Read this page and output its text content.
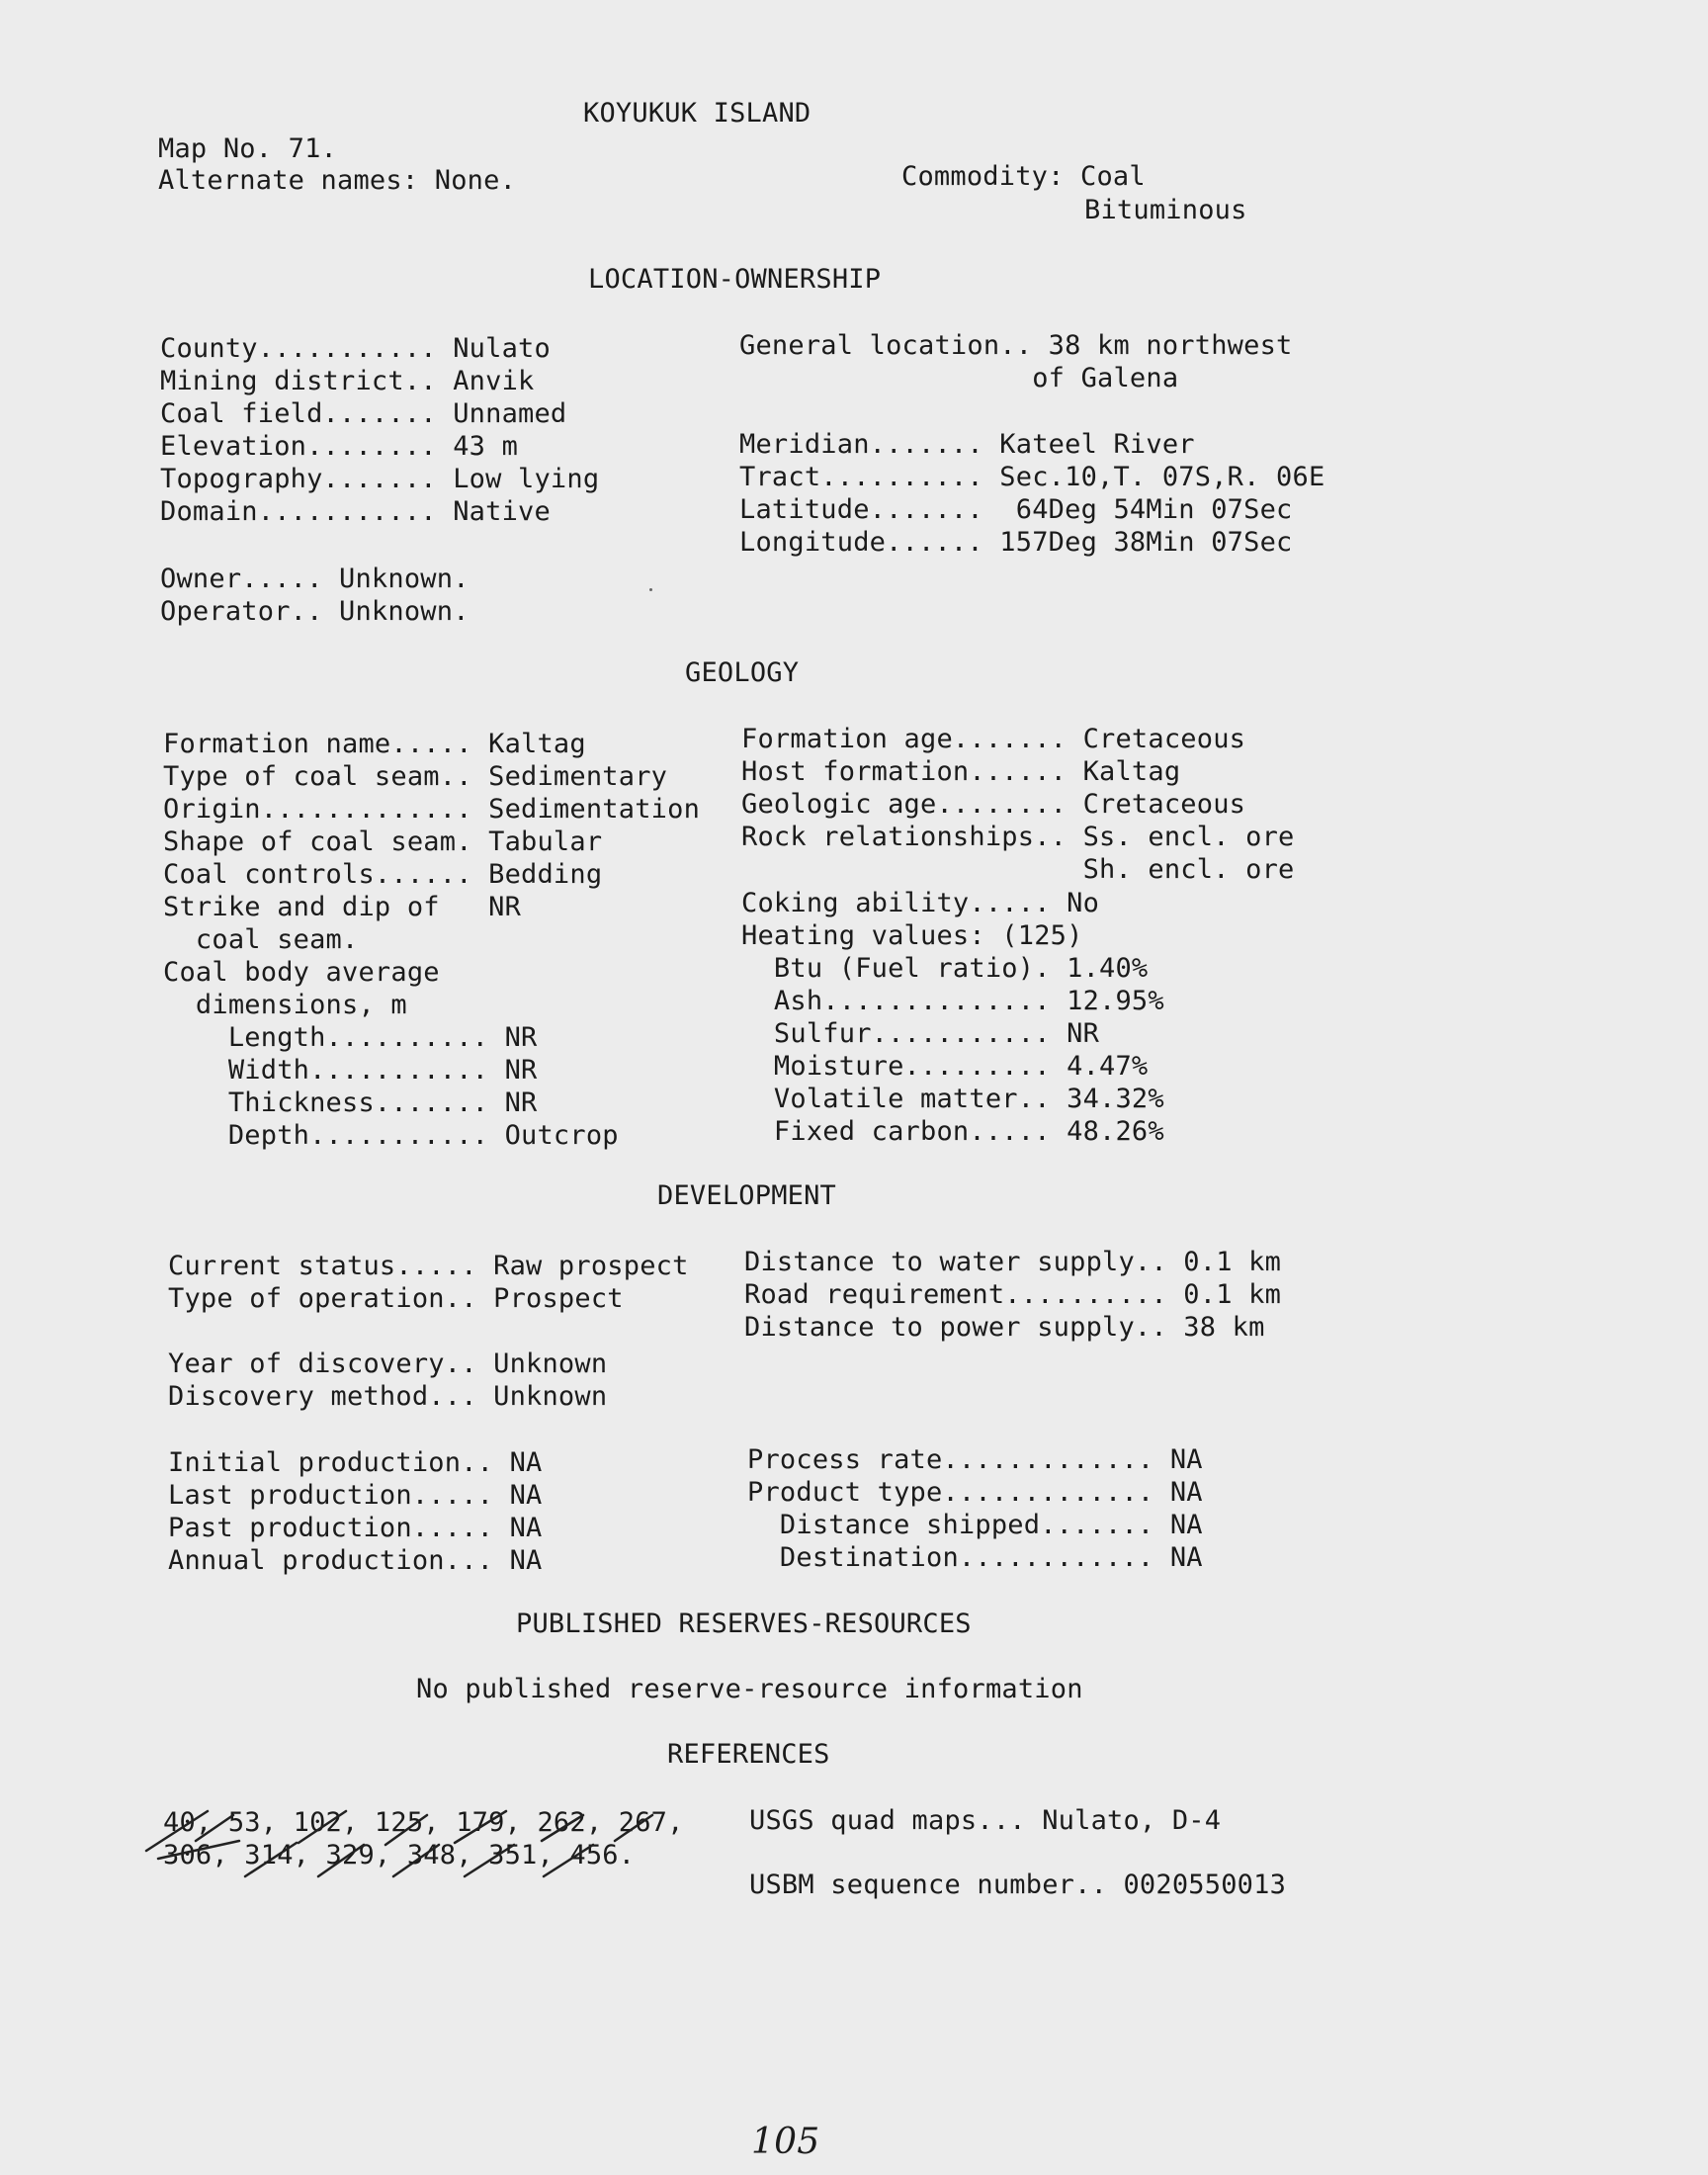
KOYUKUK ISLAND
Map No. 71.
Alternate names: None.	Commodity: Coal
Bituminous
LOCATION-OWNERSHIP
County........... Nulato
Mining district.. Anvik
Coal field....... Unnamed
Elevation........ 43 m
Topography....... Low lying
Domain........... Native
General location.. 38 km northwest
of Galena
Meridian....... Kateel River
Tract.......... Sec.10,T. 07S,R. 06E
Latitude.......  64Deg 54Min 07Sec
Longitude...... 157Deg 38Min 07Sec
Owner..... Unknown.
Operator.. Unknown.
GEOLOGY
Formation name..... Kaltag
Type of coal seam.. Sedimentary
Origin............. Sedimentation
Shape of coal seam. Tabular
Coal controls...... Bedding
Strike and dip of   NR
coal seam.
Coal body average
dimensions, m
Length.......... NR
Width........... NR
Thickness....... NR
Depth........... Outcrop
Formation age....... Cretaceous
Host formation...... Kaltag
Geologic age........ Cretaceous
Rock relationships.. Ss. encl. ore
Sh. encl. ore
Coking ability..... No
Heating values: (125)
Btu (Fuel ratio). 1.40%
Ash.............. 12.95%
Sulfur........... NR
Moisture......... 4.47%
Volatile matter.. 34.32%
Fixed carbon..... 48.26%
DEVELOPMENT
Current status..... Raw prospect
Type of operation.. Prospect
Year of discovery.. Unknown
Discovery method... Unknown
Distance to water supply.. 0.1 km
Road requirement.......... 0.1 km
Distance to power supply.. 38 km
Initial production.. NA
Last production..... NA
Past production..... NA
Annual production... NA
Process rate............. NA
Product type............. NA
Distance shipped....... NA
Destination............ NA
PUBLISHED RESERVES-RESOURCES
No published reserve-resource information
REFERENCES
40, 53, 102, 125, 179, 262, 267,
306, 314, 329, 348, 351, 456.
USGS quad maps... Nulato, D-4
USBM sequence number.. 0020550013
105
